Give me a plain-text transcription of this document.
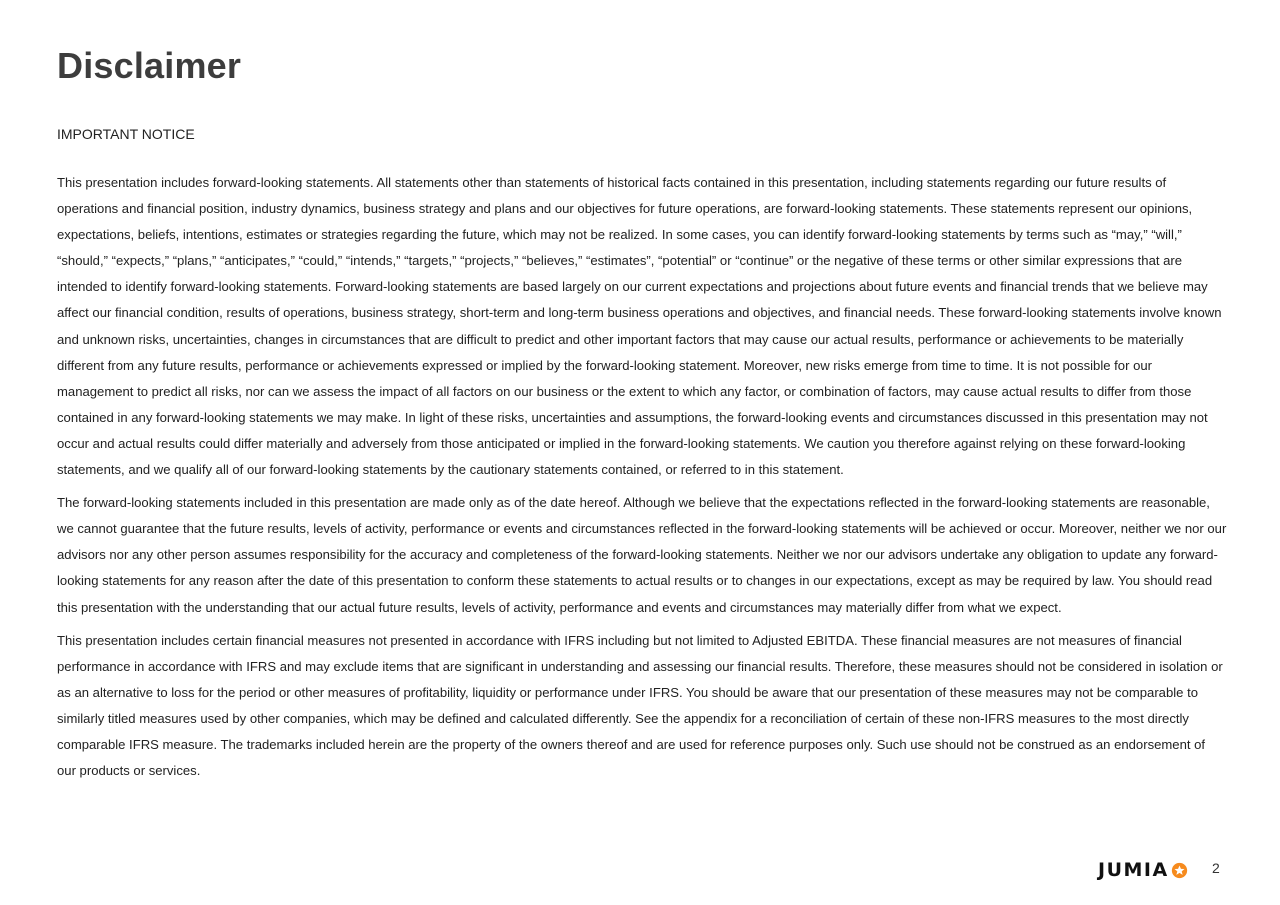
Disclaimer
IMPORTANT NOTICE

This presentation includes forward-looking statements. All statements other than statements of historical facts contained in this presentation, including statements regarding our future results of operations and financial position, industry dynamics, business strategy and plans and our objectives for future operations, are forward-looking statements. These statements represent our opinions, expectations, beliefs, intentions, estimates or strategies regarding the future, which may not be realized. In some cases, you can identify forward-looking statements by terms such as “may,” “will,” “should,” “expects,” “plans,” “anticipates,” “could,” “intends,” “targets,” “projects,” “believes,” “estimates”, “potential” or “continue” or the negative of these terms or other similar expressions that are intended to identify forward-looking statements. Forward-looking statements are based largely on our current expectations and projections about future events and financial trends that we believe may affect our financial condition, results of operations, business strategy, short-term and long-term business operations and objectives, and financial needs. These forward-looking statements involve known and unknown risks, uncertainties, changes in circumstances that are difficult to predict and other important factors that may cause our actual results, performance or achievements to be materially different from any future results, performance or achievements expressed or implied by the forward-looking statement. Moreover, new risks emerge from time to time. It is not possible for our management to predict all risks, nor can we assess the impact of all factors on our business or the extent to which any factor, or combination of factors, may cause actual results to differ from those contained in any forward-looking statements we may make. In light of these risks, uncertainties and assumptions, the forward-looking events and circumstances discussed in this presentation may not occur and actual results could differ materially and adversely from those anticipated or implied in the forward-looking statements. We caution you therefore against relying on these forward-looking statements, and we qualify all of our forward-looking statements by the cautionary statements contained, or referred to in this statement.

The forward-looking statements included in this presentation are made only as of the date hereof. Although we believe that the expectations reflected in the forward-looking statements are reasonable, we cannot guarantee that the future results, levels of activity, performance or events and circumstances reflected in the forward-looking statements will be achieved or occur. Moreover, neither we nor our advisors nor any other person assumes responsibility for the accuracy and completeness of the forward-looking statements. Neither we nor our advisors undertake any obligation to update any forward-looking statements for any reason after the date of this presentation to conform these statements to actual results or to changes in our expectations, except as may be required by law. You should read this presentation with the understanding that our actual future results, levels of activity, performance and events and circumstances may materially differ from what we expect.

This presentation includes certain financial measures not presented in accordance with IFRS including but not limited to Adjusted EBITDA. These financial measures are not measures of financial performance in accordance with IFRS and may exclude items that are significant in understanding and assessing our financial results. Therefore, these measures should not be considered in isolation or as an alternative to loss for the period or other measures of profitability, liquidity or performance under IFRS. You should be aware that our presentation of these measures may not be comparable to similarly titled measures used by other companies, which may be defined and calculated differently. See the appendix for a reconciliation of certain of these non-IFRS measures to the most directly comparable IFRS measure. The trademarks included herein are the property of the owners thereof and are used for reference purposes only. Such use should not be construed as an endorsement of our products or services.

JUMIA	2
